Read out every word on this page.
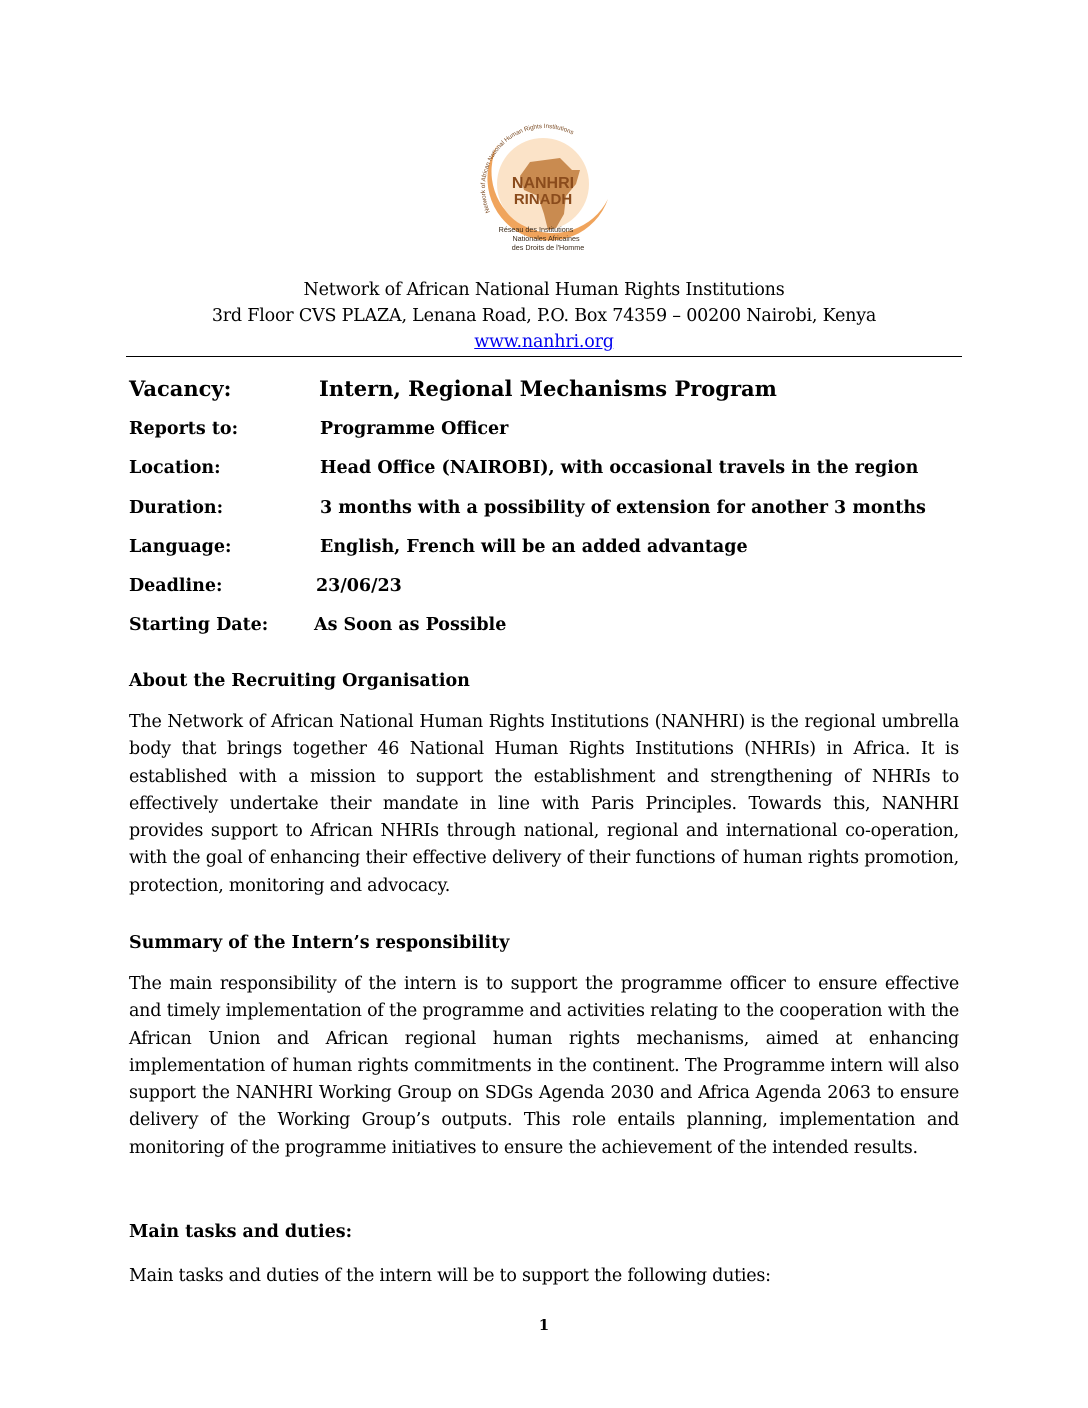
Network of African National Human Rights Institutions
NANHRI
RINADH
Réseau des Institutions
Nationales Africaines
des Droits de l'Homme
Network of African National Human Rights Institutions
3rd Floor CVS PLAZA, Lenana Road, P.O. Box 74359 – 00200 Nairobi, Kenya
www.nanhri.org
Vacancy:	Intern, Regional Mechanisms Program
Reports to:	Programme Officer
Location:	Head Office (NAIROBI), with occasional travels in the region
Duration:	3 months with a possibility of extension for another 3 months
Language:	English, French will be an added advantage
Deadline:	23/06/23
Starting Date:	As Soon as Possible
About the Recruiting Organisation
The Network of African National Human Rights Institutions (NANHRI) is the regional umbrella body that brings together 46 National Human Rights Institutions (NHRIs) in Africa. It is established with a mission to support the establishment and strengthening of NHRIs to effectively undertake their mandate in line with Paris Principles. Towards this, NANHRI provides support to African NHRIs through national, regional and international co-operation, with the goal of enhancing their effective delivery of their functions of human rights promotion, protection, monitoring and advocacy.
Summary of the Intern’s responsibility
The main responsibility of the intern is to support the programme officer to ensure effective and timely implementation of the programme and activities relating to the cooperation with the African Union and African regional human rights mechanisms, aimed at enhancing implementation of human rights commitments in the continent. The Programme intern will also support the NANHRI Working Group on SDGs Agenda 2030 and Africa Agenda 2063 to ensure delivery of the Working Group’s outputs. This role entails planning, implementation and monitoring of the programme initiatives to ensure the achievement of the intended results.
Main tasks and duties:
Main tasks and duties of the intern will be to support the following duties:
1
